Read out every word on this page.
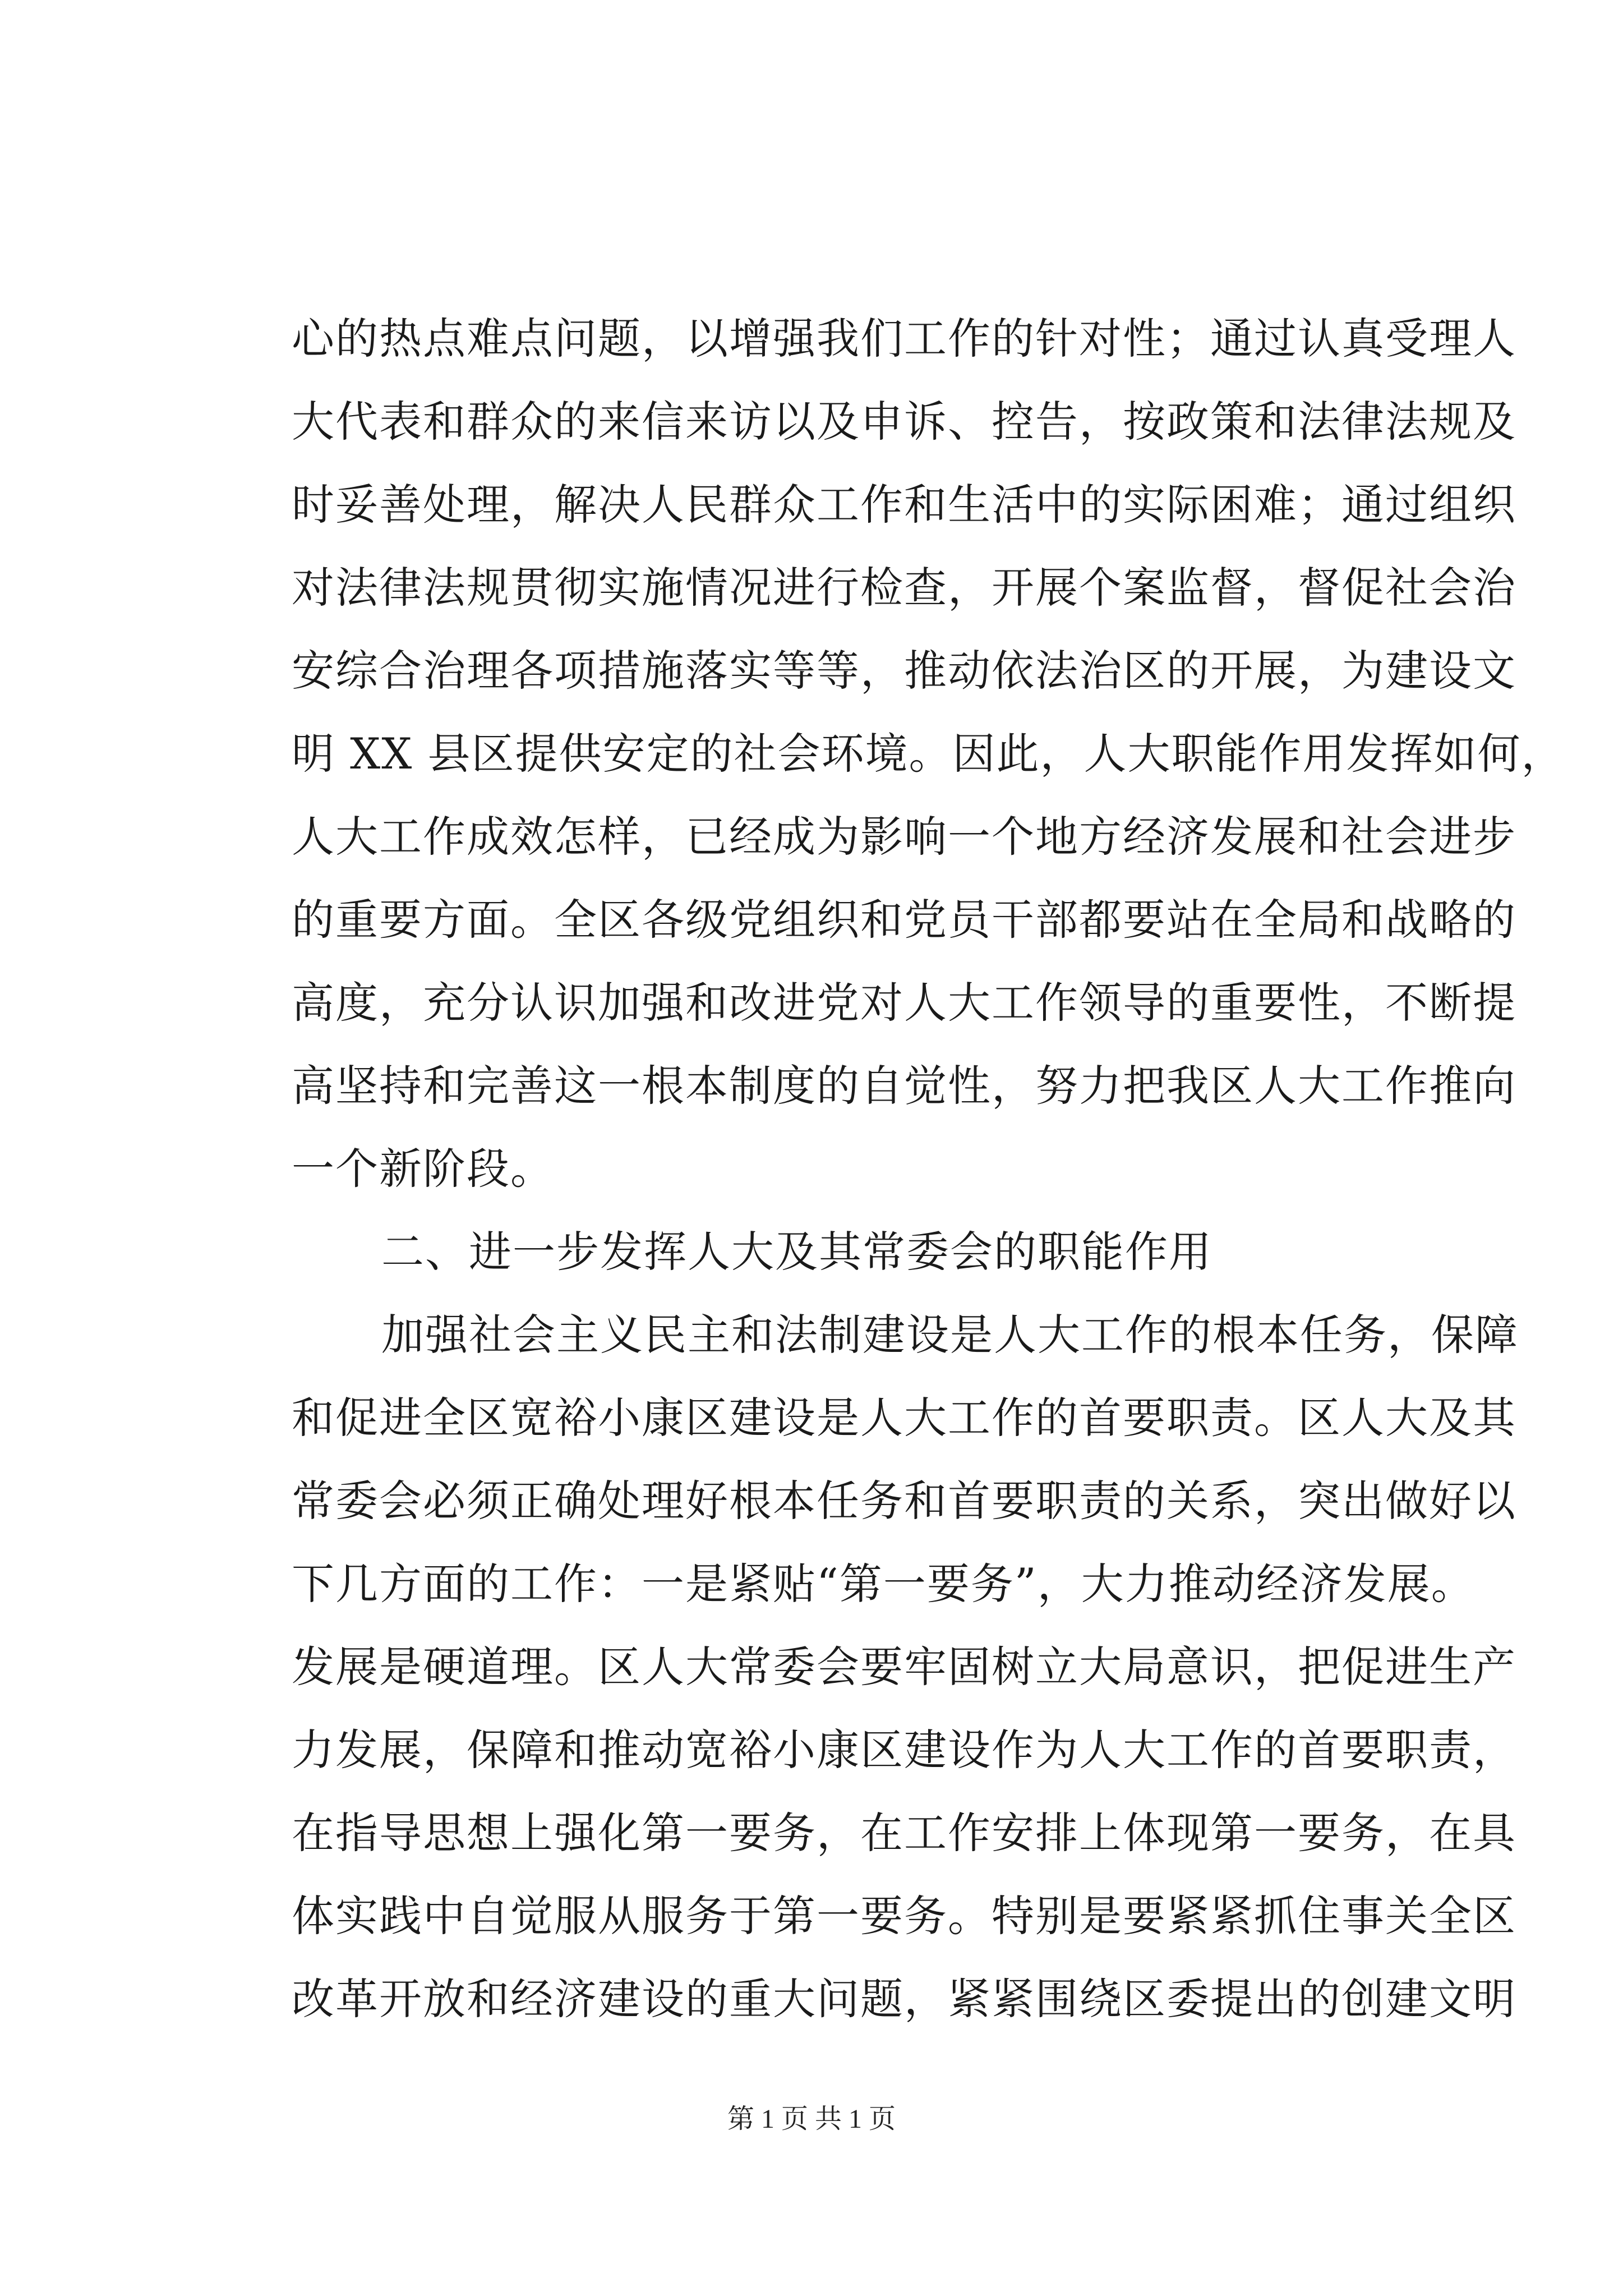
心的热点难点问题，以增强我们工作的针对性；通过认真受理人
大代表和群众的来信来访以及申诉、控告，按政策和法律法规及
时妥善处理，解决人民群众工作和生活中的实际困难；通过组织
对法律法规贯彻实施情况进行检查，开展个案监督，督促社会治
安综合治理各项措施落实等等，推动依法治区的开展，为建设文
明 XX 县区提供安定的社会环境。因此，人大职能作用发挥如何，
人大工作成效怎样，已经成为影响一个地方经济发展和社会进步
的重要方面。全区各级党组织和党员干部都要站在全局和战略的
高度，充分认识加强和改进党对人大工作领导的重要性，不断提
高坚持和完善这一根本制度的自觉性，努力把我区人大工作推向
一个新阶段。
二、进一步发挥人大及其常委会的职能作用
加强社会主义民主和法制建设是人大工作的根本任务，保障
和促进全区宽裕小康区建设是人大工作的首要职责。区人大及其
常委会必须正确处理好根本任务和首要职责的关系，突出做好以
下几方面的工作：一是紧贴“第一要务”，大力推动经济发展。
发展是硬道理。区人大常委会要牢固树立大局意识，把促进生产
力发展，保障和推动宽裕小康区建设作为人大工作的首要职责，
在指导思想上强化第一要务，在工作安排上体现第一要务，在具
体实践中自觉服从服务于第一要务。特别是要紧紧抓住事关全区
改革开放和经济建设的重大问题，紧紧围绕区委提出的创建文明
第 1 页 共 1 页
